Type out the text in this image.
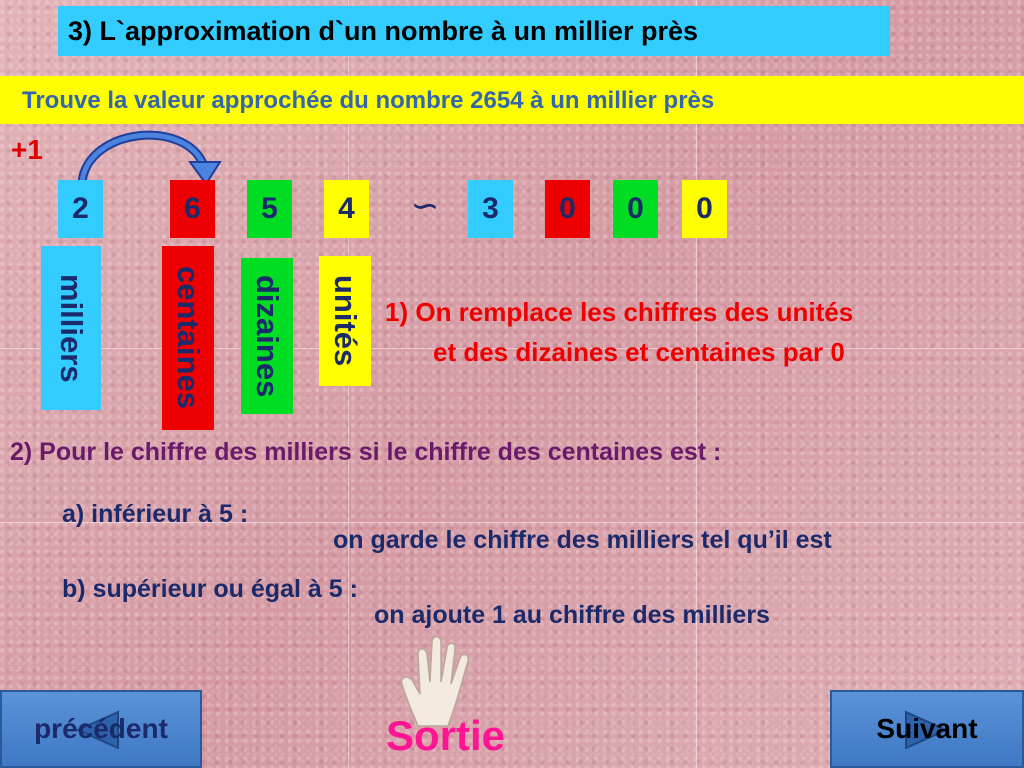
3) L`approximation d`un nombre à un millier près
Trouve la valeur approchée du nombre 2654 à un millier près
+1
2	6	5	4	∽	3	0	0	0
milliers	centaines dizaines unités 1) On remplace les chiffres des unités
et des dizaines et centaines par 0
2) Pour le chiffre des milliers si le chiffre des centaines est :
a) inférieur à 5 :
on garde le chiffre des milliers tel qu’il est
b) supérieur ou égal à 5 :
on ajoute 1 au chiffre des milliers
précédent	Suivant
Sortie
